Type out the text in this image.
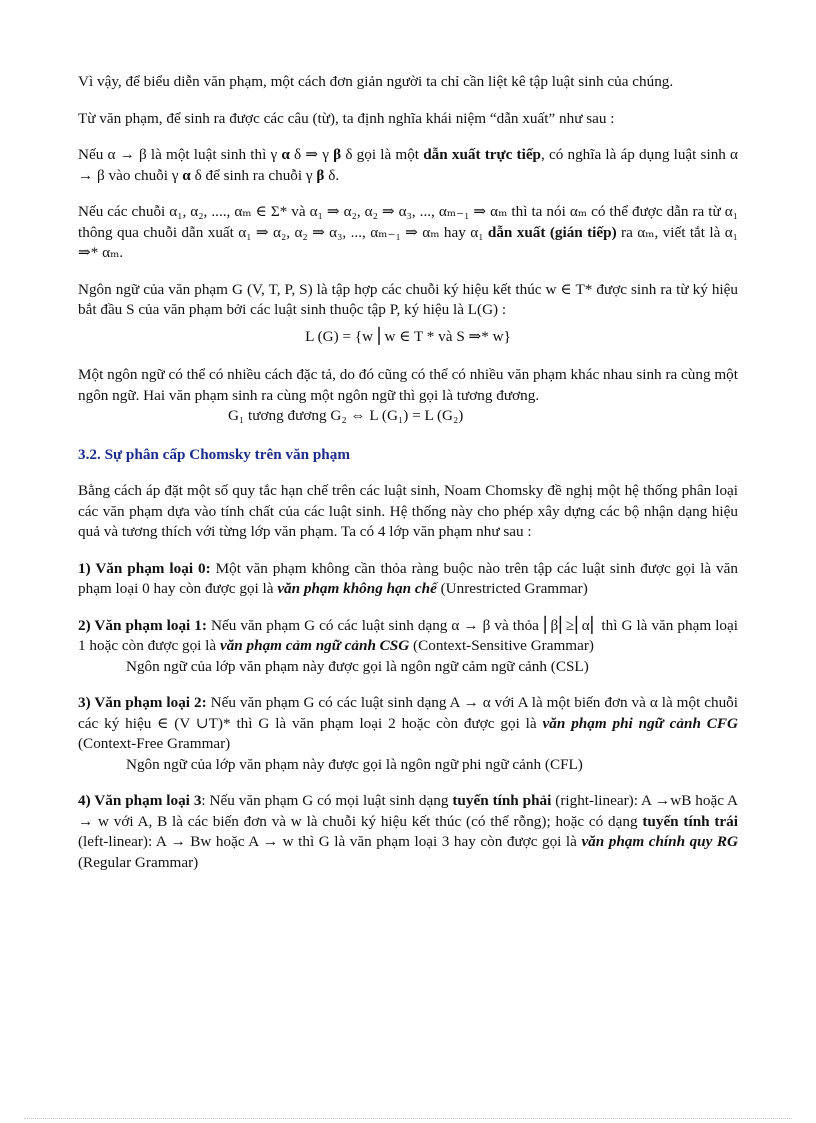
Vì vậy, để biểu diễn văn phạm, một cách đơn giản người ta chỉ cần liệt kê tập luật sinh của chúng.

Từ văn phạm, để sinh ra được các câu (từ), ta định nghĩa khái niệm “dẫn xuất” như sau :

Nếu α → β là một luật sinh thì γ α δ ⇒ γ β δ gọi là một dẫn xuất trực tiếp, có nghĩa là áp dụng luật sinh α → β vào chuỗi γ α δ để sinh ra chuỗi γ β δ.

Nếu các chuỗi α₁, α₂, ...., αₘ ∈ Σ* và α₁ ⇒ α₂, α₂ ⇒ α₃, ..., αₘ₋₁ ⇒ αₘ thì ta nói αₘ có thể được dẫn ra từ α₁ thông qua chuỗi dẫn xuất α₁ ⇒ α₂, α₂ ⇒ α₃, ..., αₘ₋₁ ⇒ αₘ hay α₁ dẫn xuất (gián tiếp) ra αₘ, viết tắt là α₁ ⇒* αₘ.

Ngôn ngữ của văn phạm G (V, T, P, S) là tập hợp các chuỗi ký hiệu kết thúc w ∈ T* được sinh ra từ ký hiệu bắt đầu S của văn phạm bởi các luật sinh thuộc tập P, ký hiệu là L(G) :

L (G) = {w ⎢w ∈ T * và S ⇒* w}

Một ngôn ngữ có thể có nhiều cách đặc tả, do đó cũng có thể có nhiều văn phạm khác nhau sinh ra cùng một ngôn ngữ. Hai văn phạm sinh ra cùng một ngôn ngữ thì gọi là tương đương.

G₁ tương đương G₂ ⇔ L (G₁) = L (G₂)

3.2. Sự phân cấp Chomsky trên văn phạm

Bằng cách áp đặt một số quy tắc hạn chế trên các luật sinh, Noam Chomsky đề nghị một hệ thống phân loại các văn phạm dựa vào tính chất của các luật sinh. Hệ thống này cho phép xây dựng các bộ nhận dạng hiệu quả và tương thích với từng lớp văn phạm. Ta có 4 lớp văn phạm như sau :

1) Văn phạm loại 0: Một văn phạm không cần thỏa ràng buộc nào trên tập các luật sinh được gọi là văn phạm loại 0 hay còn được gọi là văn phạm không hạn chế (Unrestricted Grammar)

2) Văn phạm loại 1: Nếu văn phạm G có các luật sinh dạng α → β và thỏa ⎢β⎢≥⎢α⎢ thì G là văn phạm loại 1 hoặc còn được gọi là văn phạm cảm ngữ cảnh CSG (Context-Sensitive Grammar)

Ngôn ngữ của lớp văn phạm này được gọi là ngôn ngữ cảm ngữ cảnh (CSL)

3) Văn phạm loại 2: Nếu văn phạm G có các luật sinh dạng A → α với A là một biến đơn và α là một chuỗi các ký hiệu ∈ (V ∪T)* thì G là văn phạm loại 2 hoặc còn được gọi là văn phạm phi ngữ cảnh CFG (Context-Free Grammar)

Ngôn ngữ của lớp văn phạm này được gọi là ngôn ngữ phi ngữ cảnh (CFL)

4) Văn phạm loại 3: Nếu văn phạm G có mọi luật sinh dạng tuyến tính phải (right-linear): A →wB hoặc A → w với A, B là các biến đơn và w là chuỗi ký hiệu kết thúc (có thể rỗng); hoặc có dạng tuyến tính trái (left-linear): A → Bw hoặc A → w thì G là văn phạm loại 3 hay còn được gọi là văn phạm chính quy RG (Regular Grammar)
